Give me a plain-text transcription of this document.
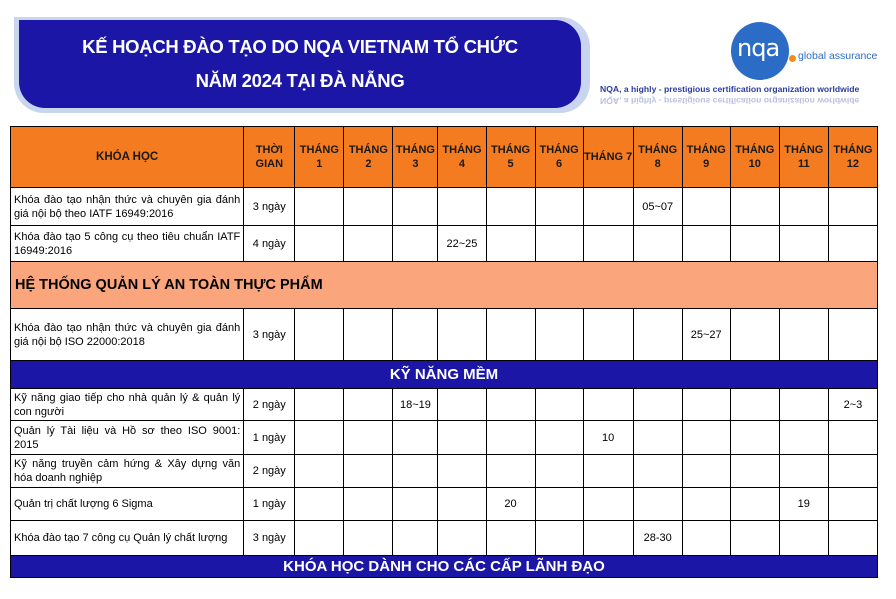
KẾ HOẠCH ĐÀO TẠO DO NQA VIETNAM TỔ CHỨC
NĂM 2024 TẠI ĐÀ NẴNG
nqa global assurance
NQA, a highly - prestigious certification organization worldwide
NQA, a highly - prestigious certification organization worldwide
KHÓA HỌC	THỜI GIAN	THÁNG 1	THÁNG 2	THÁNG 3	THÁNG 4	THÁNG 5	THÁNG 6	THÁNG 7	THÁNG 8	THÁNG 9	THÁNG 10	THÁNG 11	THÁNG 12
Khóa đào tạo nhận thức và chuyên gia đánh giá nội bộ theo IATF 16949:2016	3 ngày								05~07				
Khóa đào tạo 5 công cụ theo tiêu chuẩn IATF 16949:2016	4 ngày				22~25								
HỆ THỐNG QUẢN LÝ AN TOÀN THỰC PHẨM													
Khóa đào tạo nhận thức và chuyên gia đánh giá nội bộ ISO 22000:2018	3 ngày									25~27			
KỸ NĂNG MỀM													
Kỹ năng giao tiếp cho nhà quản lý & quản lý con người	2 ngày			18~19									2~3
Quản lý Tài liệu và Hồ sơ theo ISO 9001: 2015	1 ngày							10					
Kỹ năng truyền cảm hứng & Xây dựng văn hóa doanh nghiệp	2 ngày												
Quản trị chất lượng 6 Sigma	1 ngày					20						19	
Khóa đào tạo 7 công cụ Quản lý chất lượng	3 ngày								28-30				
KHÓA HỌC DÀNH CHO CÁC CẤP LÃNH ĐẠO													
